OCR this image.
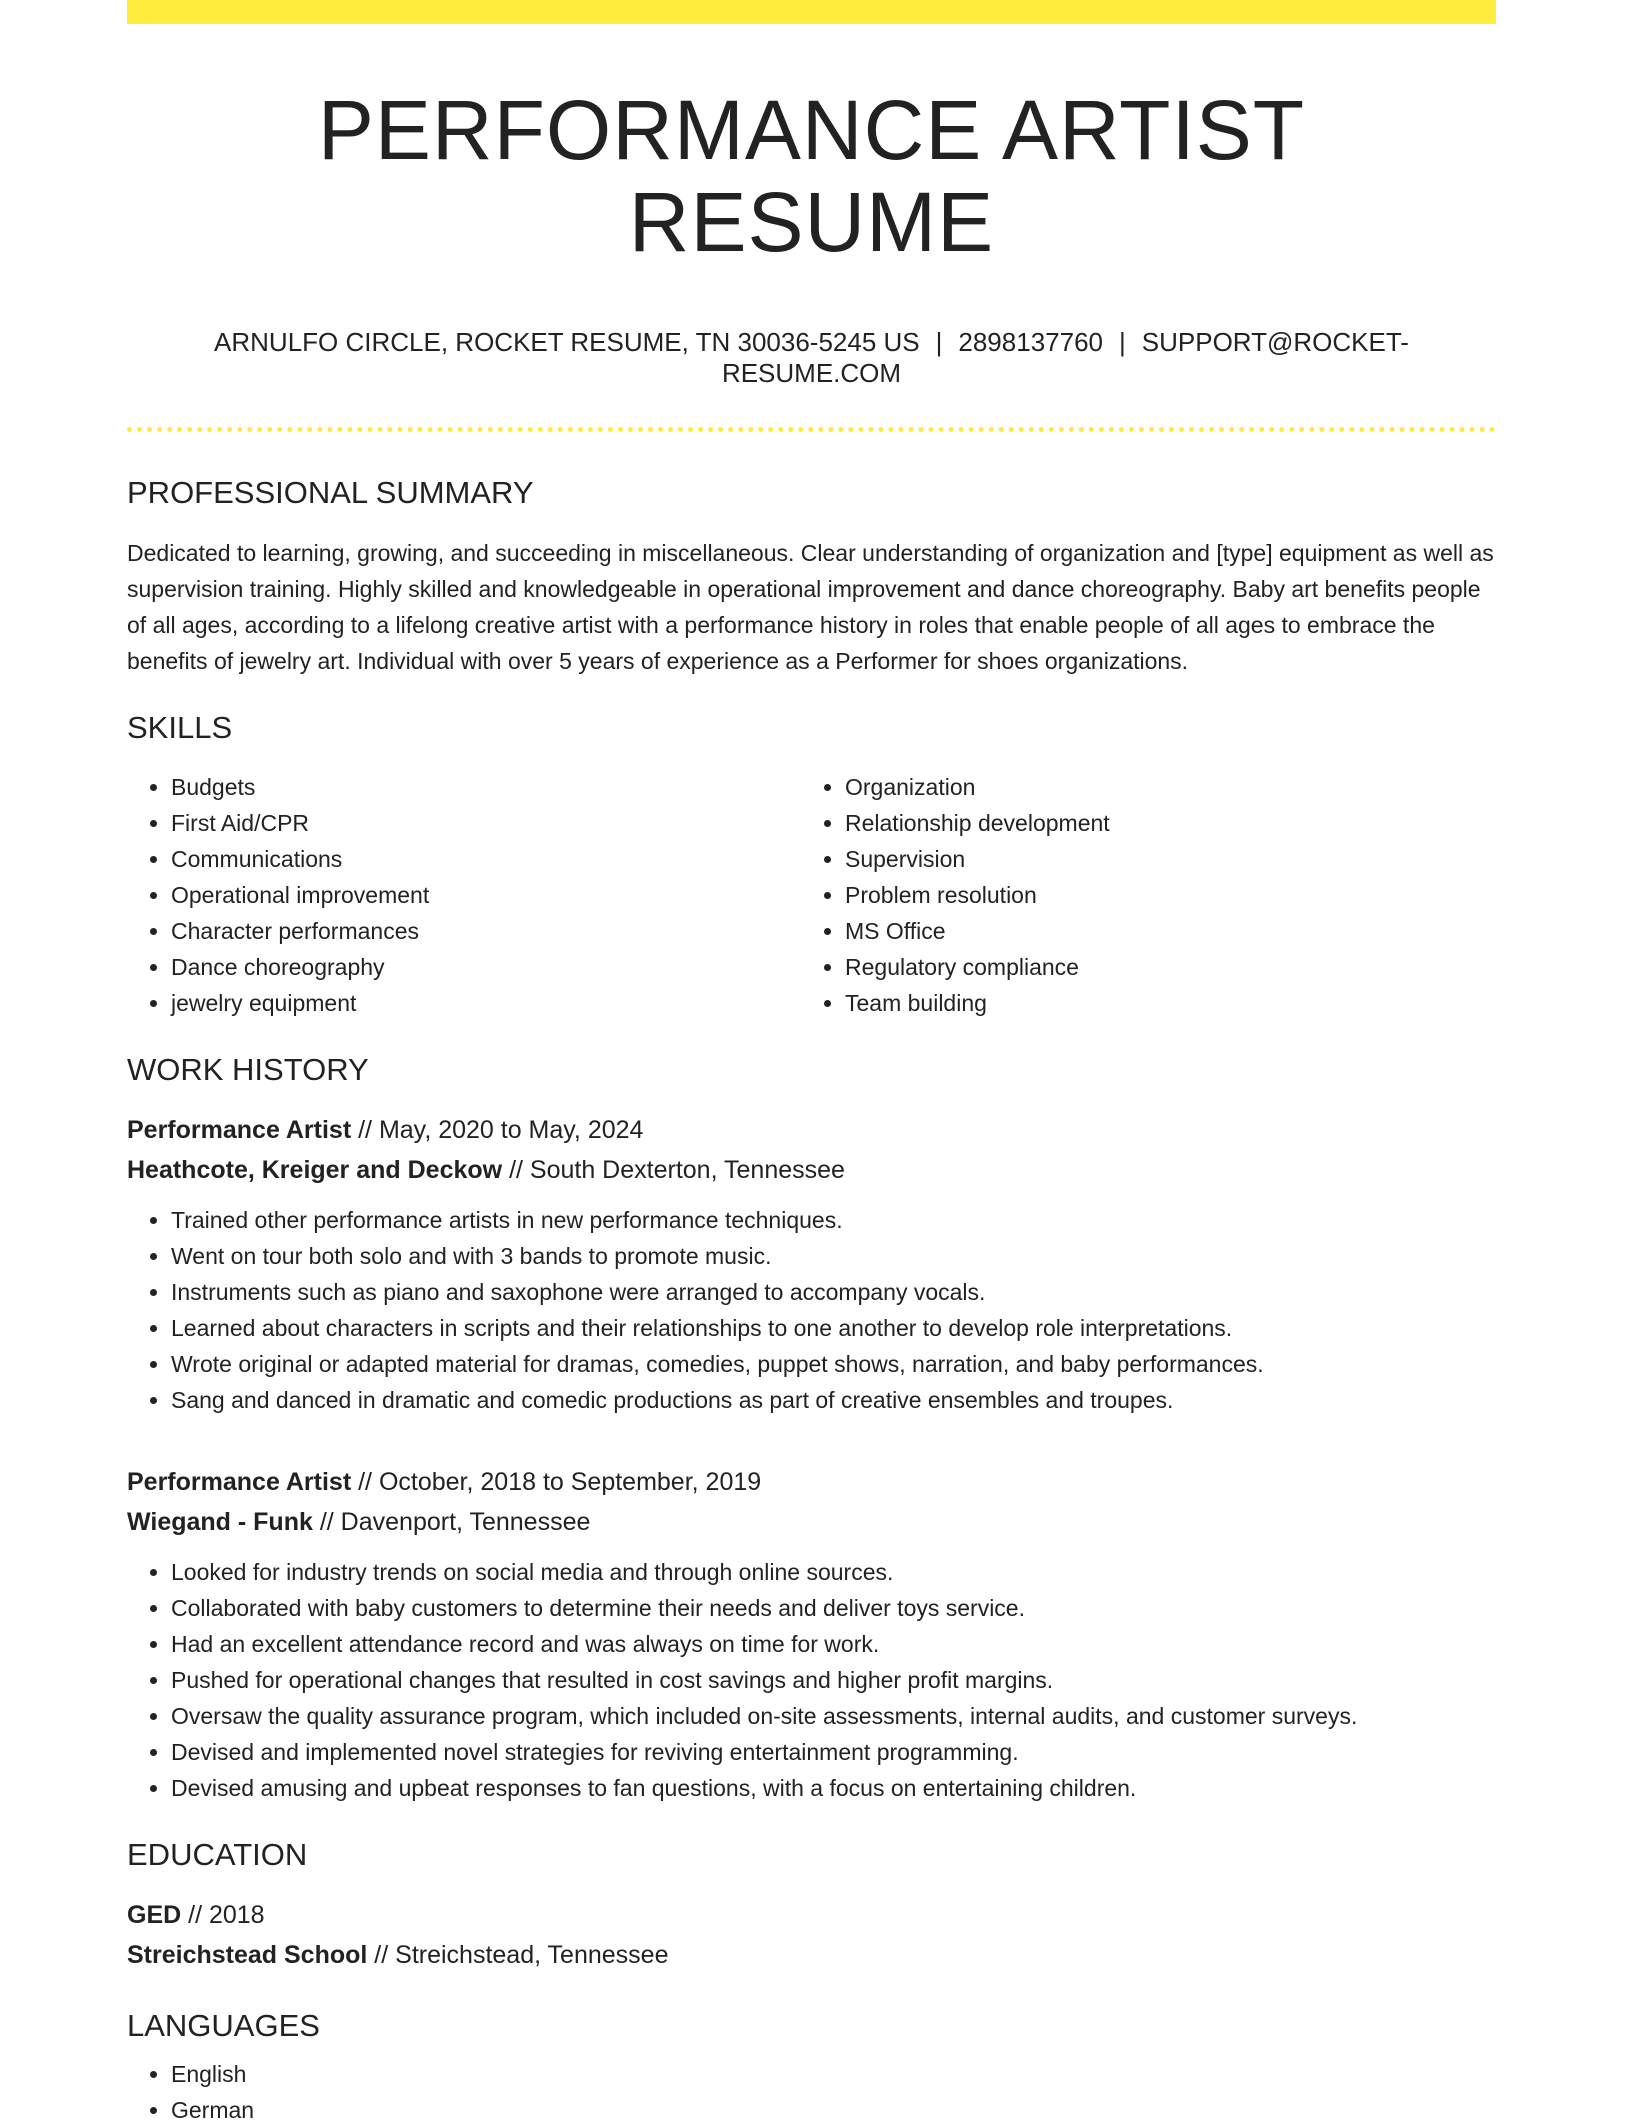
PERFORMANCE ARTIST RESUME
ARNULFO CIRCLE, ROCKET RESUME, TN 30036-5245 US | 2898137760 | SUPPORT@ROCKET-RESUME.COM
PROFESSIONAL SUMMARY

Dedicated to learning, growing, and succeeding in miscellaneous. Clear understanding of organization and [type] equipment as well as supervision training. Highly skilled and knowledgeable in operational improvement and dance choreography. Baby art benefits people of all ages, according to a lifelong creative artist with a performance history in roles that enable people of all ages to embrace the benefits of jewelry art. Individual with over 5 years of experience as a Performer for shoes organizations.

SKILLS
• Budgets
• First Aid/CPR
• Communications
• Operational improvement
• Character performances
• Dance choreography
• jewelry equipment
• Organization
• Relationship development
• Supervision
• Problem resolution
• MS Office
• Regulatory compliance
• Team building
WORK HISTORY
Performance Artist // May, 2020 to May, 2024
Heathcote, Kreiger and Deckow // South Dexterton, Tennessee
• Trained other performance artists in new performance techniques.
• Went on tour both solo and with 3 bands to promote music.
• Instruments such as piano and saxophone were arranged to accompany vocals.
• Learned about characters in scripts and their relationships to one another to develop role interpretations.
• Wrote original or adapted material for dramas, comedies, puppet shows, narration, and baby performances.
• Sang and danced in dramatic and comedic productions as part of creative ensembles and troupes.
Performance Artist // October, 2018 to September, 2019
Wiegand - Funk // Davenport, Tennessee
• Looked for industry trends on social media and through online sources.
• Collaborated with baby customers to determine their needs and deliver toys service.
• Had an excellent attendance record and was always on time for work.
• Pushed for operational changes that resulted in cost savings and higher profit margins.
• Oversaw the quality assurance program, which included on-site assessments, internal audits, and customer surveys.
• Devised and implemented novel strategies for reviving entertainment programming.
• Devised amusing and upbeat responses to fan questions, with a focus on entertaining children.
EDUCATION
GED // 2018
Streichstead School // Streichstead, Tennessee
LANGUAGES
• English
• German
